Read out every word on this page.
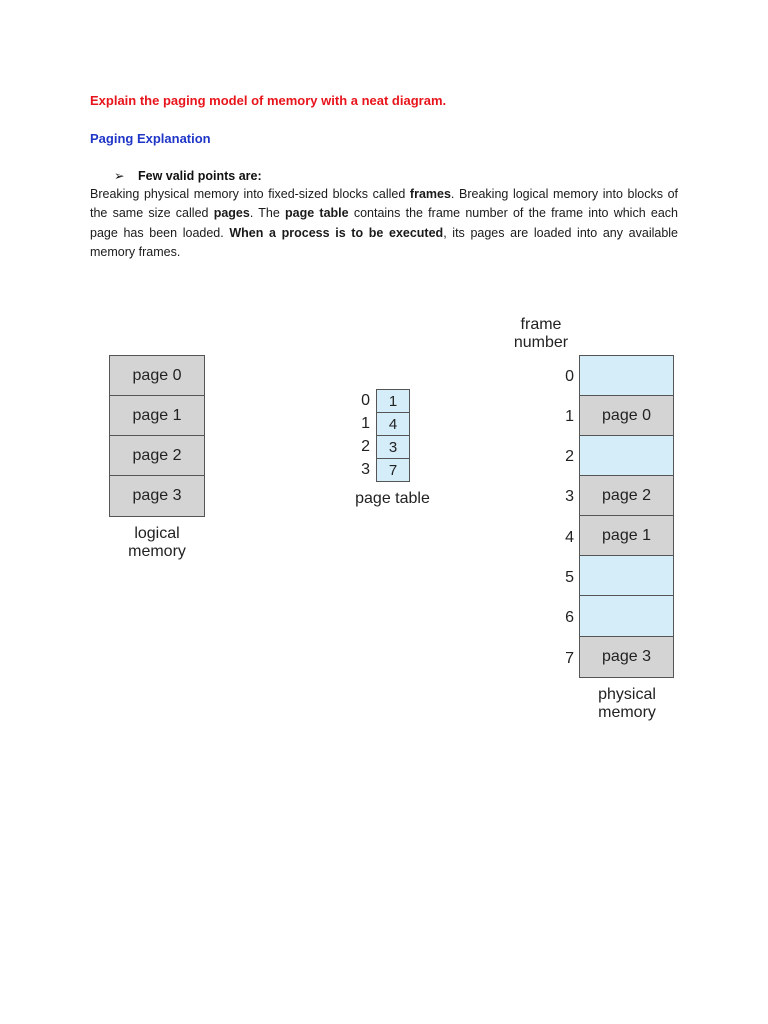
Explain the paging model of memory with a neat diagram.
Paging Explanation
➢ Few valid points are:
Breaking physical memory into fixed-sized blocks called frames. Breaking logical memory into blocks of the same size called pages. The page table contains the frame number of the frame into which each page has been loaded. When a process is to be executed, its pages are loaded into any available memory frames.
page 0
page 1
page 2
page 3
logical
memory
0
1
2
3
1
4
3
7
page table
frame
number
0
1
2
3
4
5
6
7
page 0
page 2
page 1
page 3
physical
memory
